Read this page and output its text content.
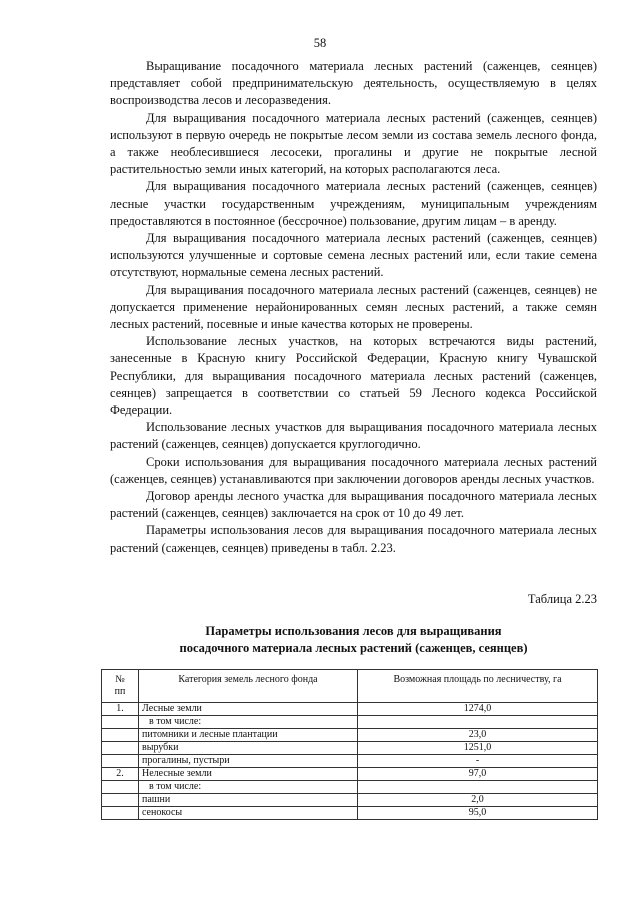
58

Выращивание посадочного материала лесных растений (саженцев, сеянцев) представляет собой предпринимательскую деятельность, осуществляемую в целях воспроизводства лесов и лесоразведения.

Для выращивания посадочного материала лесных растений (саженцев, сеянцев) используют в первую очередь не покрытые лесом земли из состава земель лесного фонда, а также необлесившиеся лесосеки, прогалины и другие не покрытые лесной растительностью земли иных категорий, на которых располагаются леса.

Для выращивания посадочного материала лесных растений (саженцев, сеянцев) лесные участки государственным учреждениям, муниципальным учреждениям предоставляются в постоянное (бессрочное) пользование, другим лицам – в аренду.

Для выращивания посадочного материала лесных растений (саженцев, сеянцев) используются улучшенные и сортовые семена лесных растений или, если такие семена отсутствуют, нормальные семена лесных растений.

Для выращивания посадочного материала лесных растений (саженцев, сеянцев) не допускается применение нерайонированных семян лесных растений, а также семян лесных растений, посевные и иные качества которых не проверены.

Использование лесных участков, на которых встречаются виды растений, занесенные в Красную книгу Российской Федерации, Красную книгу Чувашской Республики, для выращивания посадочного материала лесных растений (саженцев, сеянцев) запрещается в соответствии со статьей 59 Лесного кодекса Российской Федерации.

Использование лесных участков для выращивания посадочного материала лесных растений (саженцев, сеянцев) допускается круглогодично.

Сроки использования для выращивания посадочного материала лесных растений (саженцев, сеянцев) устанавливаются при заключении договоров аренды лесных участков.

Договор аренды лесного участка для выращивания посадочного материала лесных растений (саженцев, сеянцев) заключается на срок от 10 до 49 лет.

Параметры использования лесов для выращивания посадочного материала лесных растений (саженцев, сеянцев) приведены в табл. 2.23.

Таблица 2.23
Параметры использования лесов для выращивания
посадочного материала лесных растений (саженцев, сеянцев)
№
пп	Категория земель лесного фонда	Возможная площадь по лесничеству, га
1.	Лесные земли	1274,0
	в том числе:	
	питомники и лесные плантации	23,0
	вырубки	1251,0
	прогалины, пустыри	-
2.	Нелесные земли	97,0
	в том числе:	
	пашни	2,0
	сенокосы	95,0
